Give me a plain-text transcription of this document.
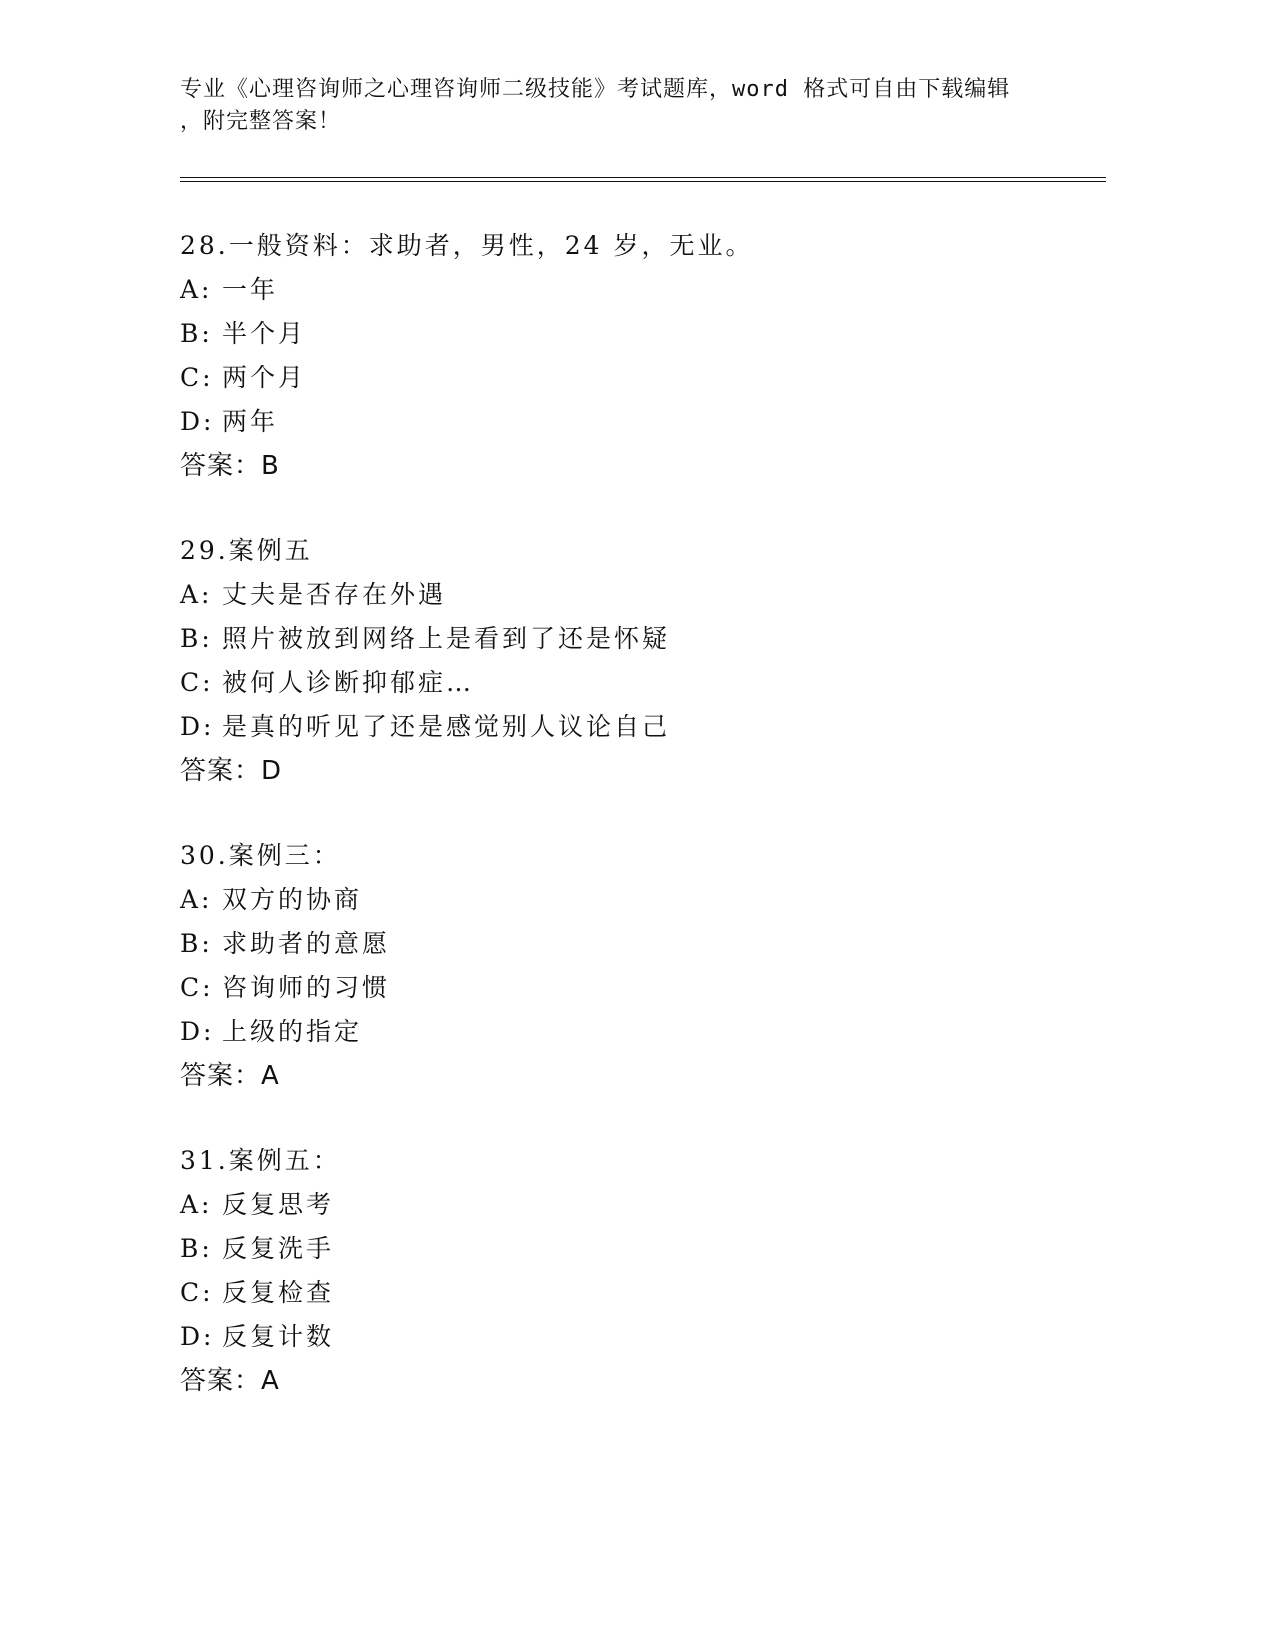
专业《心理咨询师之心理咨询师二级技能》考试题库，word 格式可自由下载编辑
，附完整答案！
28.一般资料：求助者，男性，24 岁，无业。
A: 一年
B: 半个月
C: 两个月
D: 两年
答案：B
29.案例五
A: 丈夫是否存在外遇
B: 照片被放到网络上是看到了还是怀疑
C: 被何人诊断抑郁症…
D: 是真的听见了还是感觉别人议论自己
答案：D
30.案例三：
A: 双方的协商
B: 求助者的意愿
C: 咨询师的习惯
D: 上级的指定
答案：A
31.案例五：
A: 反复思考
B: 反复洗手
C: 反复检查
D: 反复计数
答案：A
